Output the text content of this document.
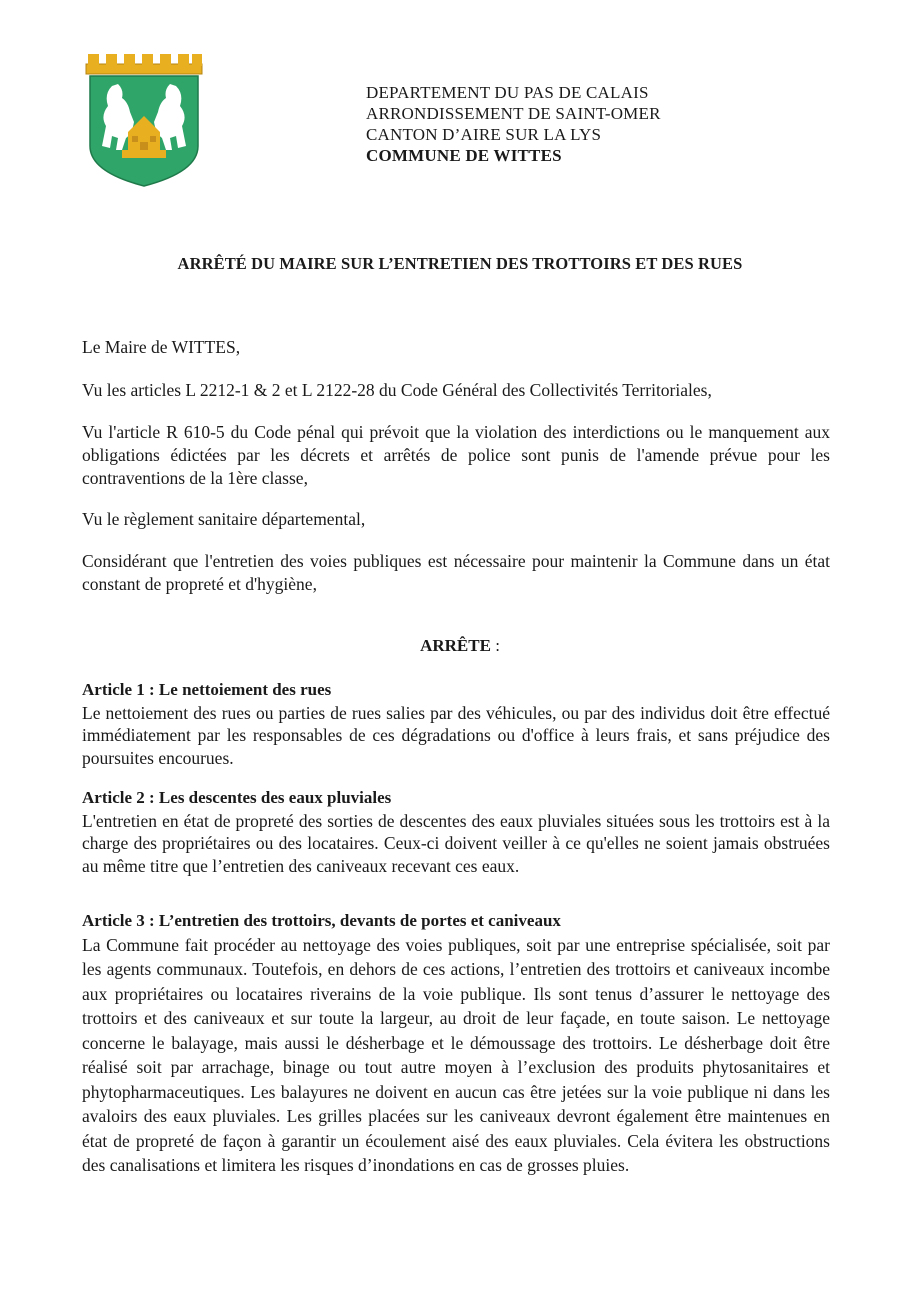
DEPARTEMENT DU PAS DE CALAIS
ARRONDISSEMENT DE SAINT-OMER
CANTON D’AIRE SUR LA LYS
COMMUNE DE WITTES
ARRÊTÉ DU MAIRE SUR L’ENTRETIEN DES TROTTOIRS ET DES RUES
Le Maire de WITTES,
Vu les articles L 2212-1 & 2 et L 2122-28 du Code Général des Collectivités Territoriales,
Vu l'article R 610-5 du Code pénal qui prévoit que la violation des interdictions ou le manquement aux obligations édictées par les décrets et arrêtés de police sont punis de l'amende prévue pour les contraventions de la 1ère classe,
Vu le règlement sanitaire départemental,
Considérant que l'entretien des voies publiques est nécessaire pour maintenir la Commune dans un état constant de propreté et d'hygiène,
ARRÊTE :
Article 1 : Le nettoiement des rues
Le nettoiement des rues ou parties de rues salies par des véhicules, ou par des individus doit être effectué immédiatement par les responsables de ces dégradations ou d'office à leurs frais, et sans préjudice des poursuites encourues.
Article 2 : Les descentes des eaux pluviales
L'entretien en état de propreté des sorties de descentes des eaux pluviales situées sous les trottoirs est à la charge des propriétaires ou des locataires. Ceux-ci doivent veiller à ce qu'elles ne soient jamais obstruées au même titre que l’entretien des caniveaux recevant ces eaux.
Article 3 : L’entretien des trottoirs, devants de portes et caniveaux
La Commune fait procéder au nettoyage des voies publiques, soit par une entreprise spécialisée, soit par les agents communaux. Toutefois, en dehors de ces actions, l’entretien des trottoirs et caniveaux incombe aux propriétaires ou locataires riverains de la voie publique. Ils sont tenus d’assurer le nettoyage des trottoirs et des caniveaux et sur toute la largeur, au droit de leur façade, en toute saison. Le nettoyage concerne le balayage, mais aussi le désherbage et le démoussage des trottoirs. Le désherbage doit être réalisé soit par arrachage, binage ou tout autre moyen à l’exclusion des produits phytosanitaires et phytopharmaceutiques. Les balayures ne doivent en aucun cas être jetées sur la voie publique ni dans les avaloirs des eaux pluviales. Les grilles placées sur les caniveaux devront également être maintenues en état de propreté de façon à garantir un écoulement aisé des eaux pluviales. Cela évitera les obstructions des canalisations et limitera les risques d’inondations en cas de grosses pluies.
